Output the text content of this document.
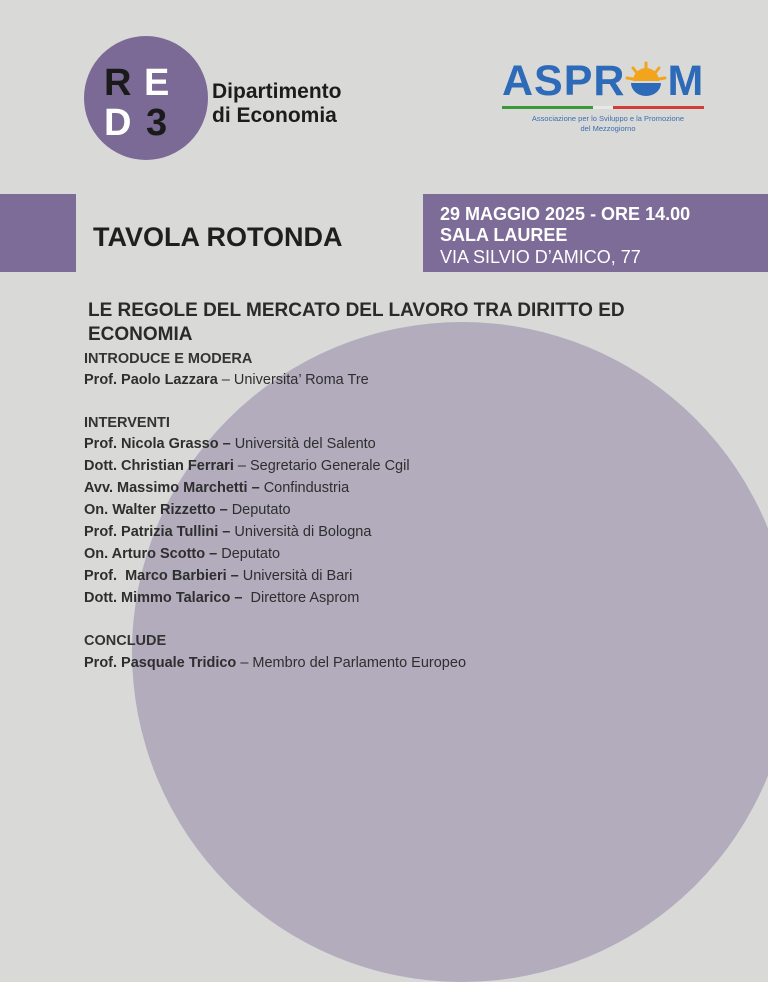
R E
D 3
Dipartimento
di Economia
ASPR M
Associazione per lo Sviluppo e la Promozione del Mezzogiorno
TAVOLA ROTONDA
29 MAGGIO 2025 - ORE 14.00
SALA LAUREE
VIA SILVIO D’AMICO, 77
LE REGOLE DEL MERCATO DEL LAVORO TRA DIRITTO ED
ECONOMIA
INTRODUCE E MODERA
Prof. Paolo Lazzara – Universita’ Roma Tre
INTERVENTI
Prof. Nicola Grasso – Università del Salento
Dott. Christian Ferrari – Segretario Generale Cgil
Avv. Massimo Marchetti – Confindustria
On. Walter Rizzetto – Deputato
Prof. Patrizia Tullini – Università di Bologna
On. Arturo Scotto – Deputato
Prof.  Marco Barbieri – Università di Bari
Dott. Mimmo Talarico –  Direttore Asprom
CONCLUDE
Prof. Pasquale Tridico – Membro del Parlamento Europeo
